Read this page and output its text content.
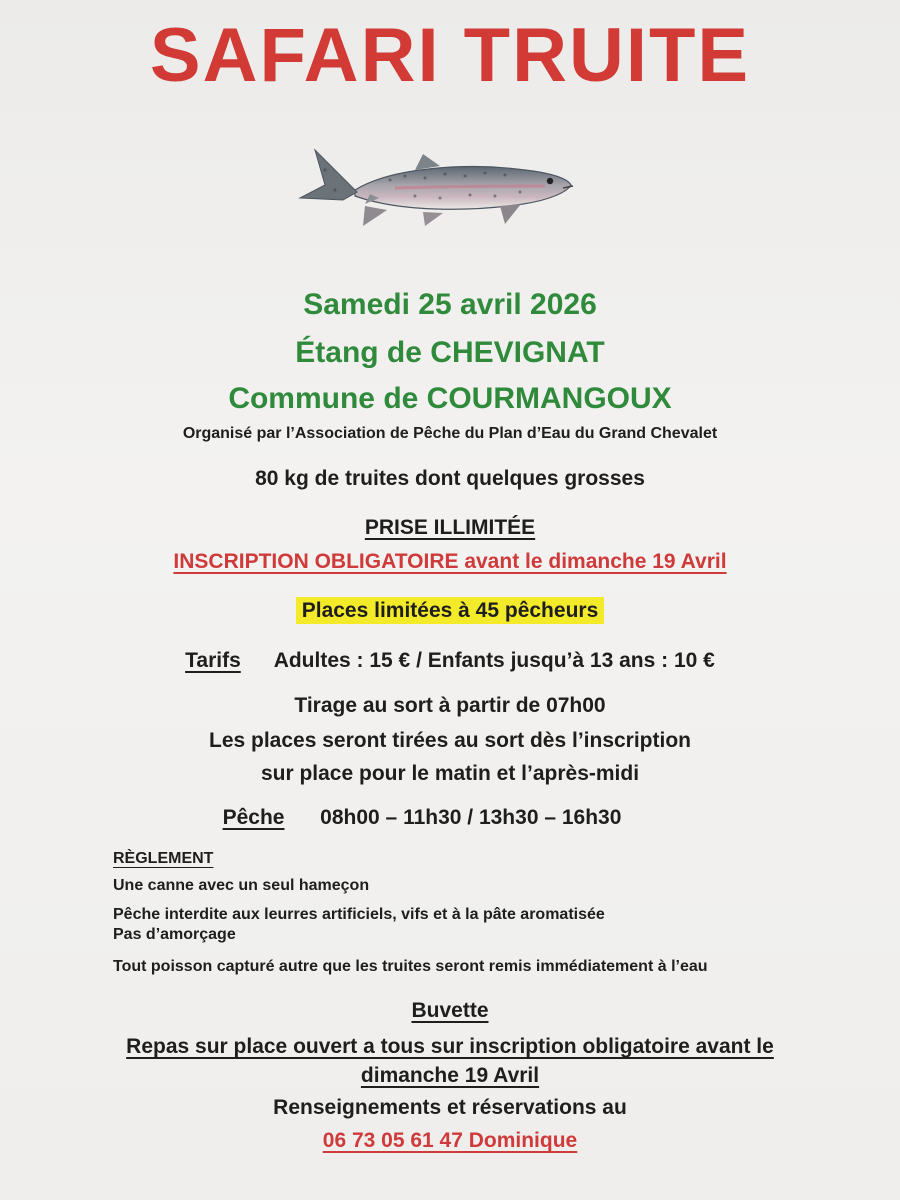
SAFARI TRUITE
Samedi 25 avril 2026
Étang de CHEVIGNAT
Commune de COURMANGOUX
Organisé par l’Association de Pêche du Plan d’Eau du Grand Chevalet
80 kg de truites dont quelques grosses
PRISE ILLIMITÉE
INSCRIPTION OBLIGATOIRE avant le dimanche 19 Avril
Places limitées à 45 pêcheurs
Tarifs Adultes : 15 € / Enfants jusqu’à 13 ans : 10 €
Tirage au sort à partir de 07h00
Les places seront tirées au sort dès l’inscription
sur place pour le matin et l’après-midi
Pêche 08h00 – 11h30 / 13h30 – 16h30
RÈGLEMENT
Une canne avec un seul hameçon
Pêche interdite aux leurres artificiels, vifs et à la pâte aromatisée
Pas d’amorçage
Tout poisson capturé autre que les truites seront remis immédiatement à l’eau
Buvette
Repas sur place ouvert a tous sur inscription obligatoire avant le
dimanche 19 Avril
Renseignements et réservations au
06 73 05 61 47 Dominique
